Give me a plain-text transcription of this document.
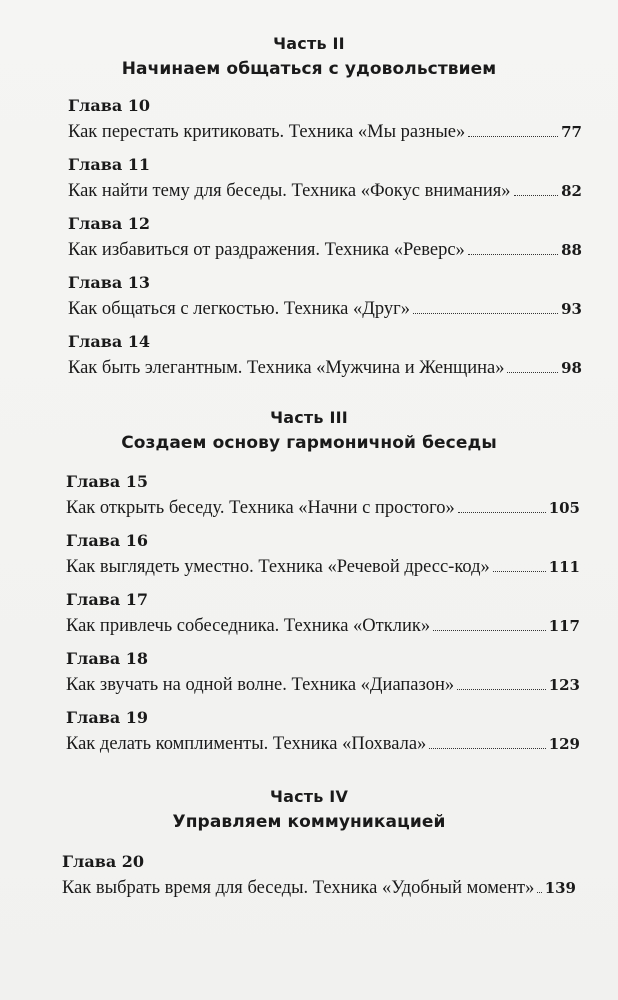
Часть II
Начинаем общаться с удовольствием
Глава 10
Как перестать критиковать. Техника «Мы разные»	77
Глава 11
Как найти тему для беседы. Техника «Фокус внимания»	82
Глава 12
Как избавиться от раздражения. Техника «Реверс»	88
Глава 13
Как общаться с легкостью. Техника «Друг»	93
Глава 14
Как быть элегантным. Техника «Мужчина и Женщина»	98
Часть III
Создаем основу гармоничной беседы
Глава 15
Как открыть беседу. Техника «Начни с простого»	105
Глава 16
Как выглядеть уместно. Техника «Речевой дресс-код»	111
Глава 17
Как привлечь собеседника. Техника «Отклик»	117
Глава 18
Как звучать на одной волне. Техника «Диапазон»	123
Глава 19
Как делать комплименты. Техника «Похвала»	129
Часть IV
Управляем коммуникацией
Глава 20
Как выбрать время для беседы. Техника «Удобный момент» 139
